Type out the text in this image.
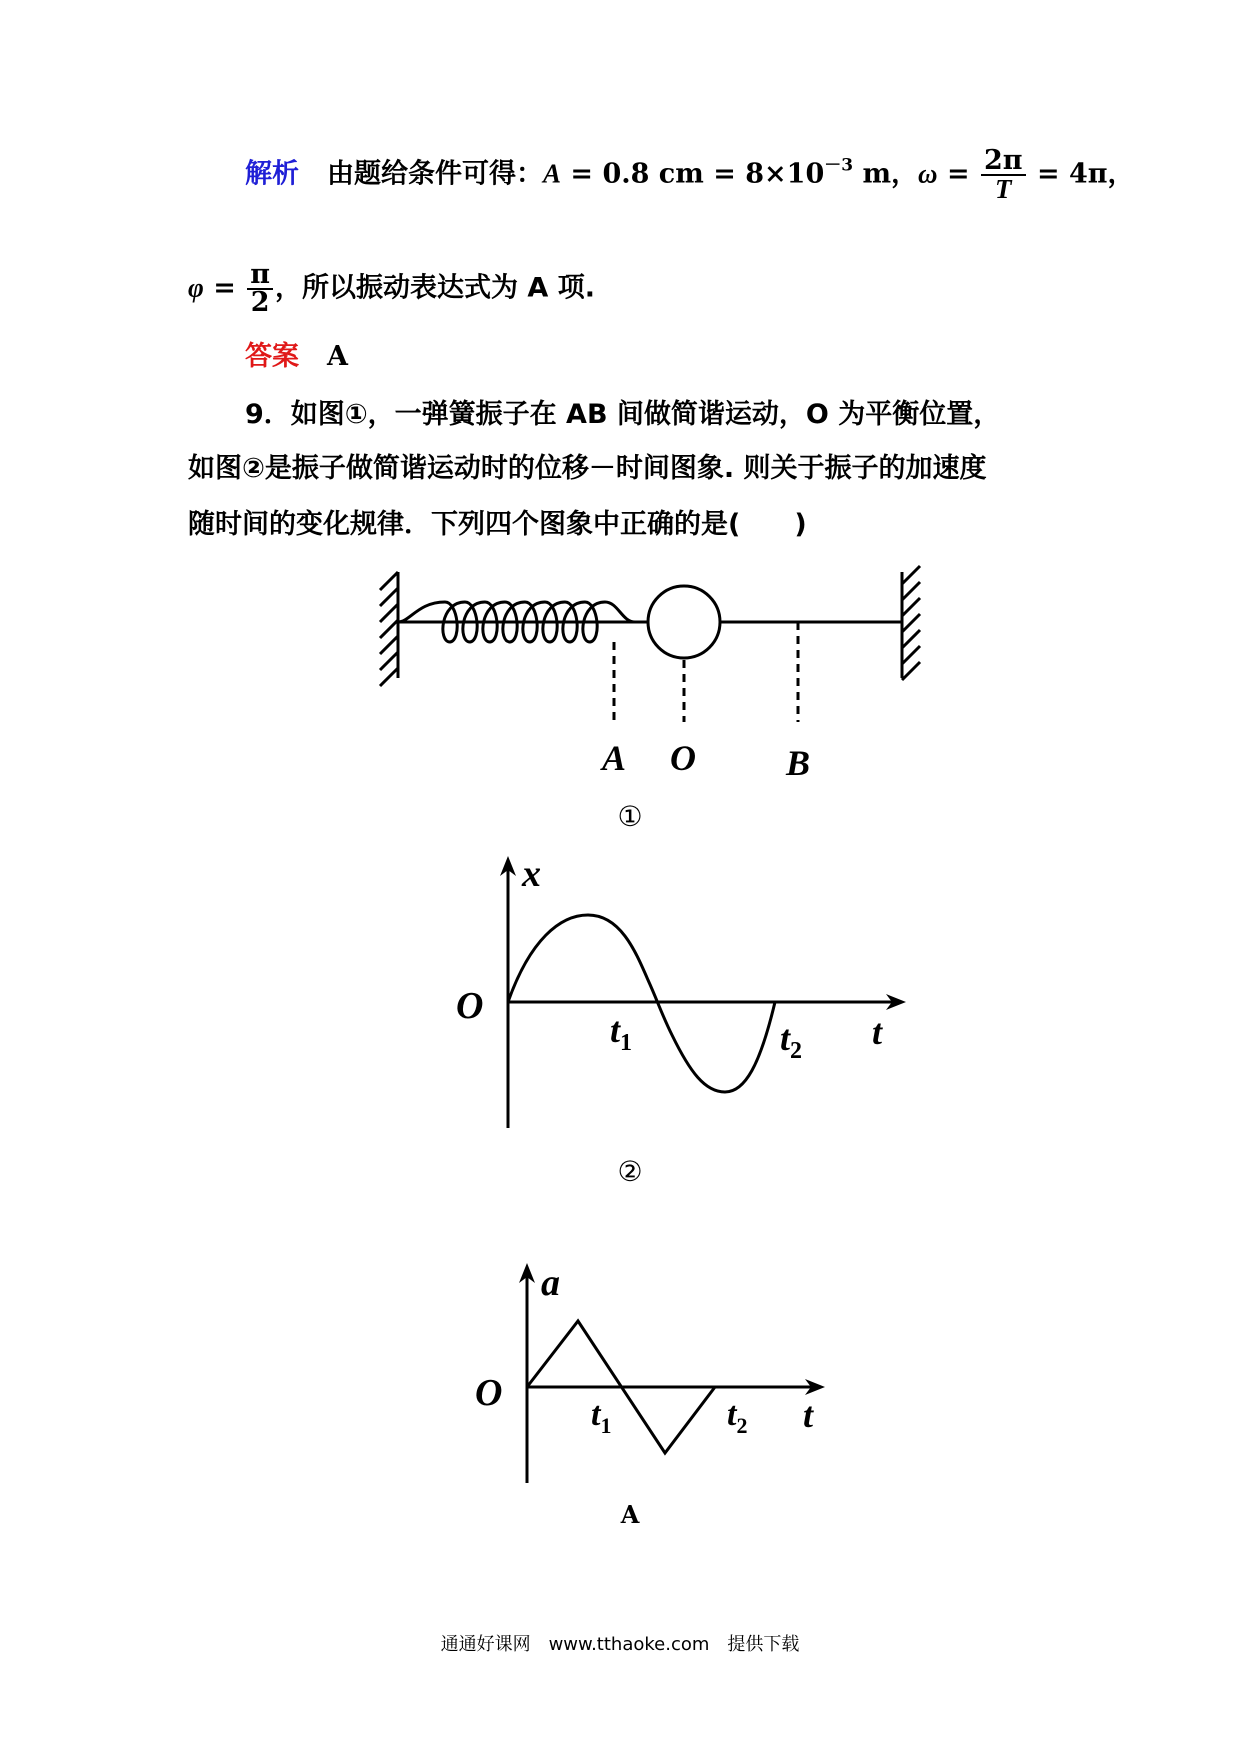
解析 由题给条件可得：A = 0.8 cm = $8\times 10^{-3}$ m，$\omega = \frac{2\pi}{T} = 4\pi$，
$\varphi = \frac{\pi}{2}$ ，所以振动表达式为 A 项.
答案 A
9．如图①，一弹簧振子在 AB 间做简谐运动，O 为平衡位置，
如图②是振子做简谐运动时的位移－时间图象. 则关于振子的加速度
随时间的变化规律．下列四个图象中正确的是(　　)
A O	B
①
x
O
$t_1$	$t_2$ t
②
a
O
$t_1$	$t_2$ t
A
通通好课网　www.tthaoke.com　提供下载
